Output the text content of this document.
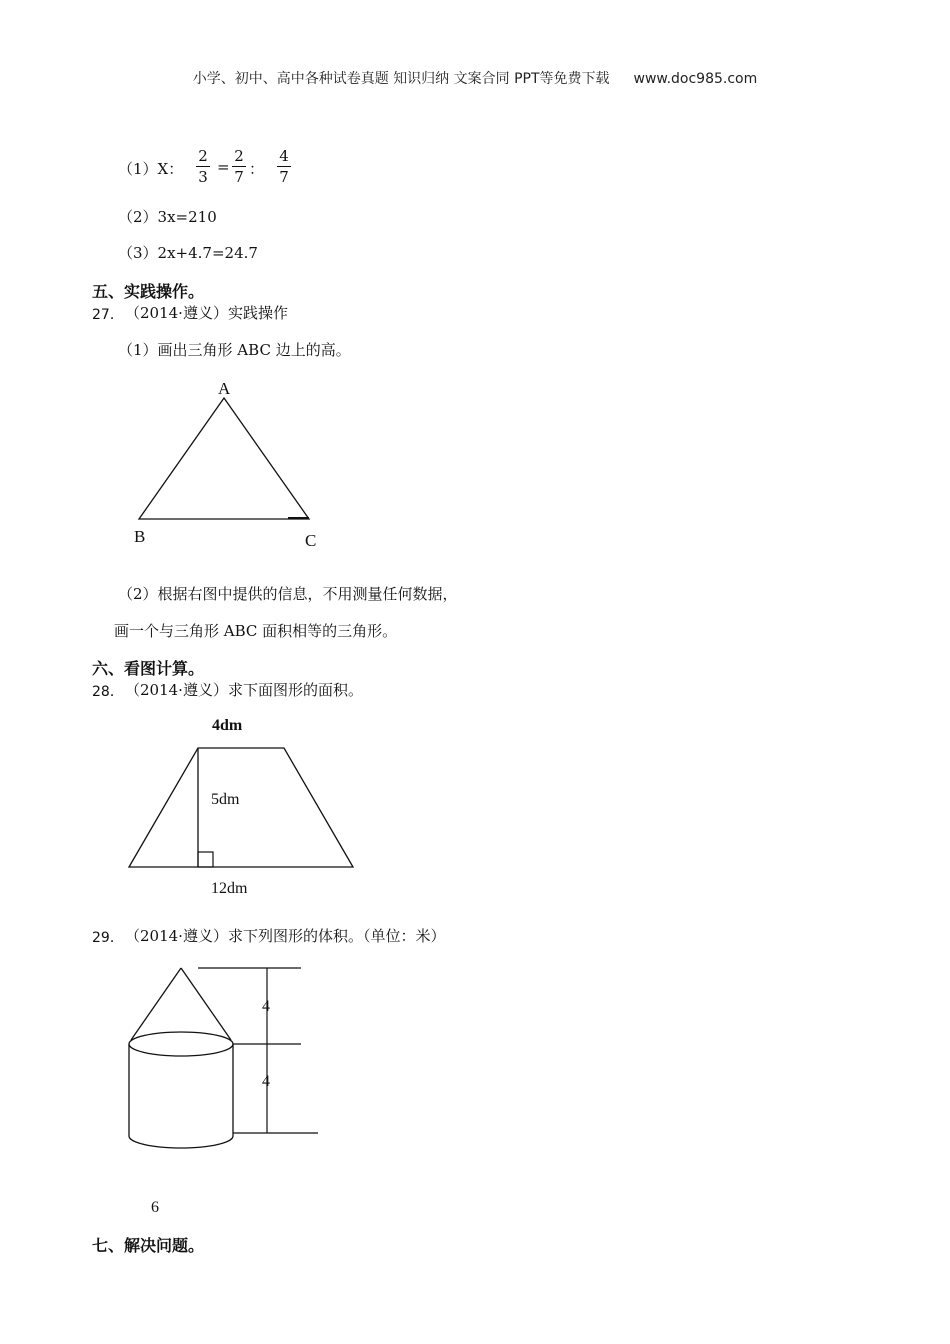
小学、初中、高中各种试卷真题 知识归纳 文案合同 PPT等免费下载 www.doc985.com
（1）X：
2
3
=
2
7 ：
4
7
（2）3x=210
（3）2x+4.7=24.7
五、实践操作。
27． （2014·遵义）实践操作
（1）画出三角形 ABC 边上的高。
A
B	C
（2）根据右图中提供的信息，不用测量任何数据，
画一个与三角形 ABC 面积相等的三角形。
六、看图计算。
28． （2014·遵义）求下面图形的面积。
4dm
5dm
12dm
29． （2014·遵义）求下列图形的体积。（单位：米）
4
4
6
七、解决问题。
